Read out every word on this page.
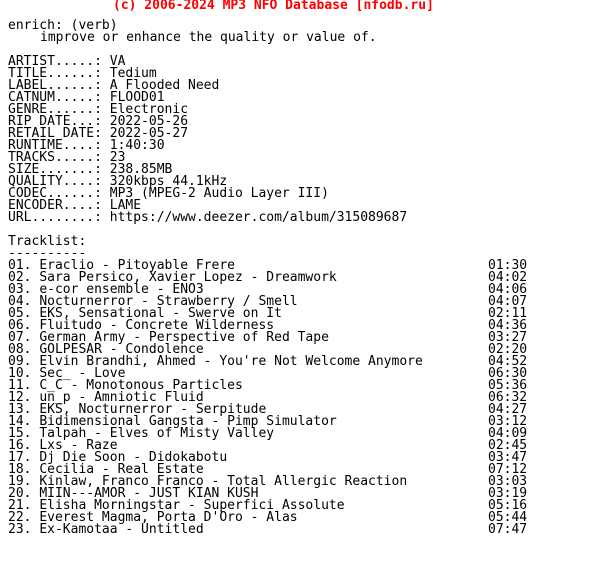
(c) 2006-2024 MP3 NFO Database [nfodb.ru]
enrich: (verb)
improve or enhance the quality or value of.
ARTIST.....: VA
TITLE......: Tedium
LABEL......: A Flooded Need
CATNUM.....: FLOOD01
GENRE......: Electronic
RIP DATE...: 2022-05-26
RETAIL DATE: 2022-05-27
RUNTIME....: 1:40:30
TRACKS.....: 23
SIZE.......: 238.85MB
QUALITY....: 320kbps 44.1kHz
CODEC......: MP3 (MPEG-2 Audio Layer III)
ENCODER....: LAME
URL........: https://www.deezer.com/album/315089687
Tracklist:
----------
01. Eraclio - Pitoyable Frere	01:30
02. Sara Persico, Xavier Lopez - Dreamwork	04:02
03. e-cor ensemble - ENO3	04:06
04. Nocturnerror - Strawberry / Smell	04:07
05. EKS, Sensational - Swerve on It	02:11
06. Fluitudo - Concrete Wilderness	04:36
07. German Army - Perspective of Red Tape	03:27
08. GOLPESAR - Condolence	02:20
09. Elvin Brandhi, Ahmed - You're Not Welcome Anymore	04:52
10. Sec_ - Love	06:30
11. C_C - Monotonous Particles	05:36
12. un_p - Amniotic Fluid	06:32
13. EKS, Nocturnerror - Serpitude	04:27
14. Bidimensional Gangsta - Pimp Simulator	03:12
15. Talpah - Elves of Misty Valley	04:09
16. Lxs - Raze	02:45
17. Dj Die Soon - Didokabotu	03:47
18. Cecilia - Real Estate	07:12
19. Kinlaw, Franco Franco - Total Allergic Reaction	03:03
20. MIIN---AMOR - JUST KIAN KUSH	03:19
21. Elisha Morningstar - Superfici Assolute	05:16
22. Everest Magma, Porta D'Oro - Alas	05:44
23. Ex-Kamotaa - Untitled	07:47
